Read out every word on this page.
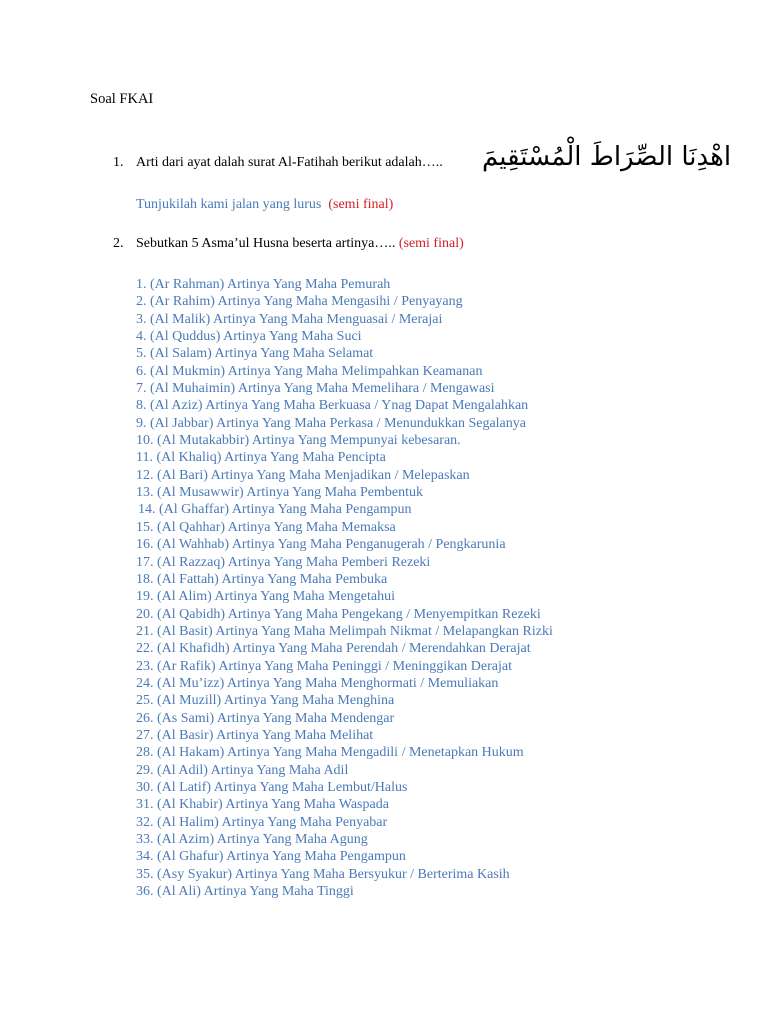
Soal FKAI
1. Arti dari ayat dalah surat Al-Fatihah berikut adalah….. اهْدِنَا الصِّرَاطَ الْمُسْتَقِيمَ
Tunjukilah kami jalan yang lurus (semi final)
2. Sebutkan 5 Asma’ul Husna beserta artinya….. (semi final)
1. (Ar Rahman) Artinya Yang Maha Pemurah
2. (Ar Rahim) Artinya Yang Maha Mengasihi / Penyayang
3. (Al Malik) Artinya Yang Maha Menguasai / Merajai
4. (Al Quddus) Artinya Yang Maha Suci
5. (Al Salam) Artinya Yang Maha Selamat
6. (Al Mukmin) Artinya Yang Maha Melimpahkan Keamanan
7. (Al Muhaimin) Artinya Yang Maha Memelihara / Mengawasi
8. (Al Aziz) Artinya Yang Maha Berkuasa / Ynag Dapat Mengalahkan
9. (Al Jabbar) Artinya Yang Maha Perkasa / Menundukkan Segalanya
10. (Al Mutakabbir) Artinya Yang Mempunyai kebesaran.
11. (Al Khaliq) Artinya Yang Maha Pencipta
12. (Al Bari) Artinya Yang Maha Menjadikan / Melepaskan
13. (Al Musawwir) Artinya Yang Maha Pembentuk
14. (Al Ghaffar) Artinya Yang Maha Pengampun
15. (Al Qahhar) Artinya Yang Maha Memaksa
16. (Al Wahhab) Artinya Yang Maha Penganugerah / Pengkarunia
17. (Al Razzaq) Artinya Yang Maha Pemberi Rezeki
18. (Al Fattah) Artinya Yang Maha Pembuka
19. (Al Alim) Artinya Yang Maha Mengetahui
20. (Al Qabidh) Artinya Yang Maha Pengekang / Menyempitkan Rezeki
21. (Al Basit) Artinya Yang Maha Melimpah Nikmat / Melapangkan Rizki
22. (Al Khafidh) Artinya Yang Maha Perendah / Merendahkan Derajat
23. (Ar Rafik) Artinya Yang Maha Peninggi / Meninggikan Derajat
24. (Al Mu’izz) Artinya Yang Maha Menghormati / Memuliakan
25. (Al Muzill) Artinya Yang Maha Menghina
26. (As Sami) Artinya Yang Maha Mendengar
27. (Al Basir) Artinya Yang Maha Melihat
28. (Al Hakam) Artinya Yang Maha Mengadili / Menetapkan Hukum
29. (Al Adil) Artinya Yang Maha Adil
30. (Al Latif) Artinya Yang Maha Lembut/Halus
31. (Al Khabir) Artinya Yang Maha Waspada
32. (Al Halim) Artinya Yang Maha Penyabar
33. (Al Azim) Artinya Yang Maha Agung
34. (Al Ghafur) Artinya Yang Maha Pengampun
35. (Asy Syakur) Artinya Yang Maha Bersyukur / Berterima Kasih
36. (Al Ali) Artinya Yang Maha Tinggi
